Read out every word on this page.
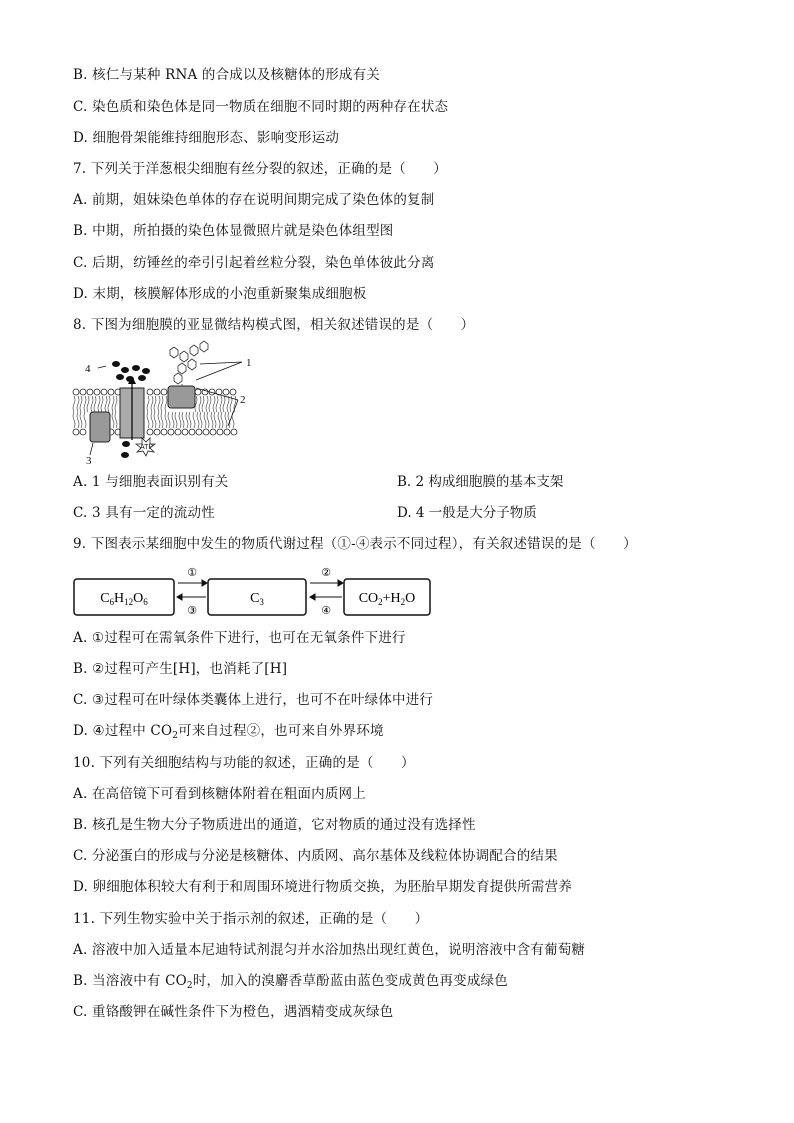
B. 核仁与某种 RNA 的合成以及核糖体的形成有关
C. 染色质和染色体是同一物质在细胞不同时期的两种存在状态
D. 细胞骨架能维持细胞形态、影响变形运动
7. 下列关于洋葱根尖细胞有丝分裂的叙述，正确的是（　　）
A. 前期，姐妹染色单体的存在说明间期完成了染色体的复制
B. 中期，所拍摄的染色体显微照片就是染色体组型图
C. 后期，纺锤丝的牵引引起着丝粒分裂，染色单体彼此分离
D. 末期，核膜解体形成的小泡重新聚集成细胞板
8. 下图为细胞膜的亚显微结构模式图，相关叙述错误的是（　　）
ATP
1
2
3
4
A. 1 与细胞表面识别有关	B. 2 构成细胞膜的基本支架
C. 3 具有一定的流动性	D. 4 一般是大分子物质
9. 下图表示某细胞中发生的物质代谢过程（①-④表示不同过程），有关叙述错误的是（　　）
$C_6H_{12}O_6$	$C_3$	$CO_2+H_2O$
①
③
②
④
A. ①过程可在需氧条件下进行，也可在无氧条件下进行
B. ②过程可产生[H]，也消耗了[H]
C. ③过程可在叶绿体类囊体上进行，也可不在叶绿体中进行
D. ④过程中 $CO_2$可来自过程②，也可来自外界环境
10. 下列有关细胞结构与功能的叙述，正确的是（　　）
A. 在高倍镜下可看到核糖体附着在粗面内质网上
B. 核孔是生物大分子物质进出的通道，它对物质的通过没有选择性
C. 分泌蛋白的形成与分泌是核糖体、内质网、高尔基体及线粒体协调配合的结果
D. 卵细胞体积较大有利于和周围环境进行物质交换，为胚胎早期发育提供所需营养
11. 下列生物实验中关于指示剂的叙述，正确的是（　　）
A. 溶液中加入适量本尼迪特试剂混匀并水浴加热出现红黄色，说明溶液中含有葡萄糖
B. 当溶液中有 $CO_2$时，加入的溴麝香草酚蓝由蓝色变成黄色再变成绿色
C. 重铬酸钾在碱性条件下为橙色，遇酒精变成灰绿色
